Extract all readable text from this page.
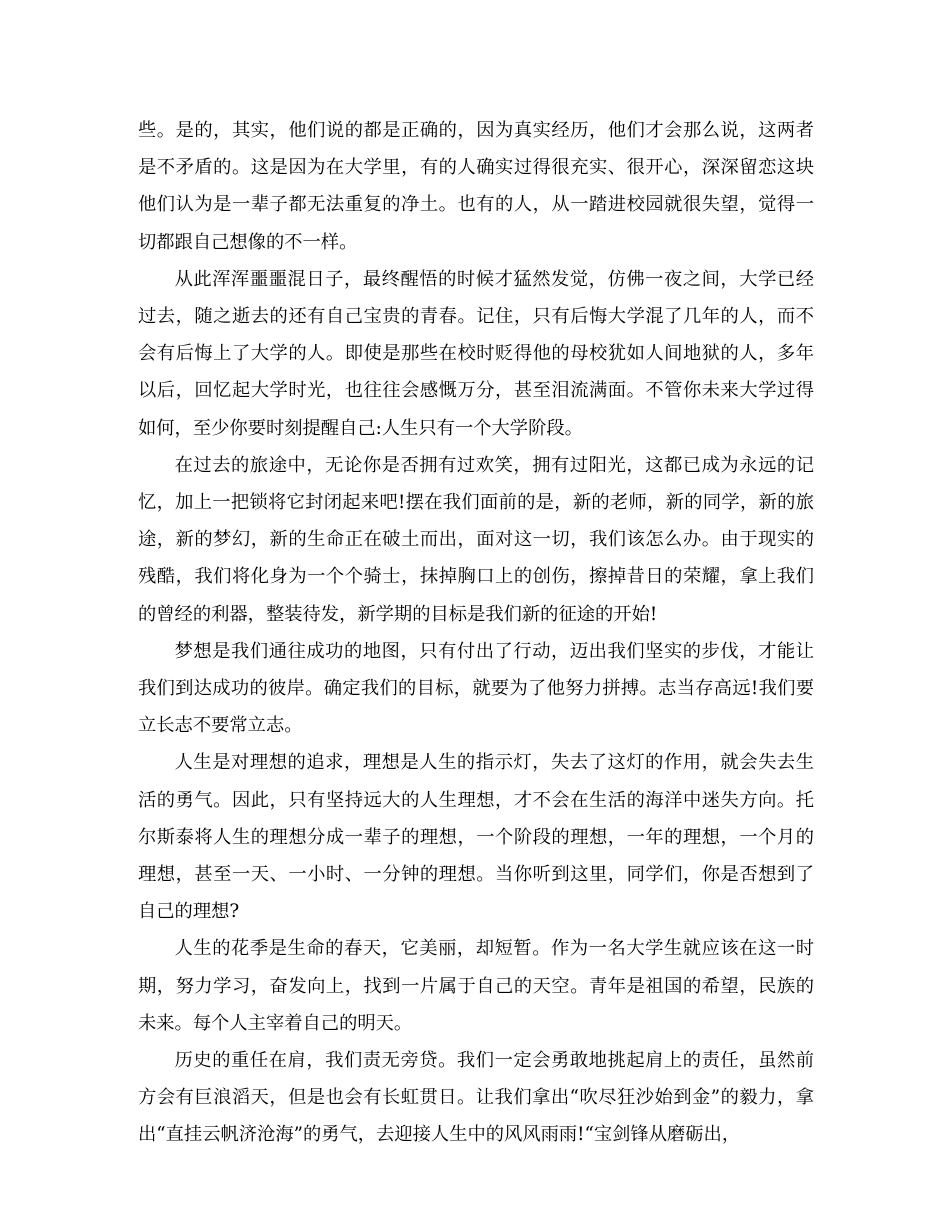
些。是的，其实，他们说的都是正确的，因为真实经历，他们才会那么说，这两者是不矛盾的。这是因为在大学里，有的人确实过得很充实、很开心，深深留恋这块他们认为是一辈子都无法重复的净土。也有的人，从一踏进校园就很失望，觉得一切都跟自己想像的不一样。

从此浑浑噩噩混日子，最终醒悟的时候才猛然发觉，仿佛一夜之间，大学已经过去，随之逝去的还有自己宝贵的青春。记住，只有后悔大学混了几年的人，而不会有后悔上了大学的人。即使是那些在校时贬得他的母校犹如人间地狱的人，多年以后，回忆起大学时光，也往往会感慨万分，甚至泪流满面。不管你未来大学过得如何，至少你要时刻提醒自己:人生只有一个大学阶段。

在过去的旅途中，无论你是否拥有过欢笑，拥有过阳光，这都已成为永远的记忆，加上一把锁将它封闭起来吧!摆在我们面前的是，新的老师，新的同学，新的旅途，新的梦幻，新的生命正在破土而出，面对这一切，我们该怎么办。由于现实的残酷，我们将化身为一个个骑士，抹掉胸口上的创伤，擦掉昔日的荣耀，拿上我们的曾经的利器，整装待发，新学期的目标是我们新的征途的开始!

梦想是我们通往成功的地图，只有付出了行动，迈出我们坚实的步伐，才能让我们到达成功的彼岸。确定我们的目标，就要为了他努力拼搏。志当存高远!我们要立长志不要常立志。

人生是对理想的追求，理想是人生的指示灯，失去了这灯的作用，就会失去生活的勇气。因此，只有坚持远大的人生理想，才不会在生活的海洋中迷失方向。托尔斯泰将人生的理想分成一辈子的理想，一个阶段的理想，一年的理想，一个月的理想，甚至一天、一小时、一分钟的理想。当你听到这里，同学们，你是否想到了自己的理想?

人生的花季是生命的春天，它美丽，却短暂。作为一名大学生就应该在这一时期，努力学习，奋发向上，找到一片属于自己的天空。青年是祖国的希望，民族的未来。每个人主宰着自己的明天。

历史的重任在肩，我们责无旁贷。我们一定会勇敢地挑起肩上的责任，虽然前方会有巨浪滔天，但是也会有长虹贯日。让我们拿出“吹尽狂沙始到金”的毅力，拿出“直挂云帆济沧海”的勇气，去迎接人生中的风风雨雨!“宝剑锋从磨砺出，
